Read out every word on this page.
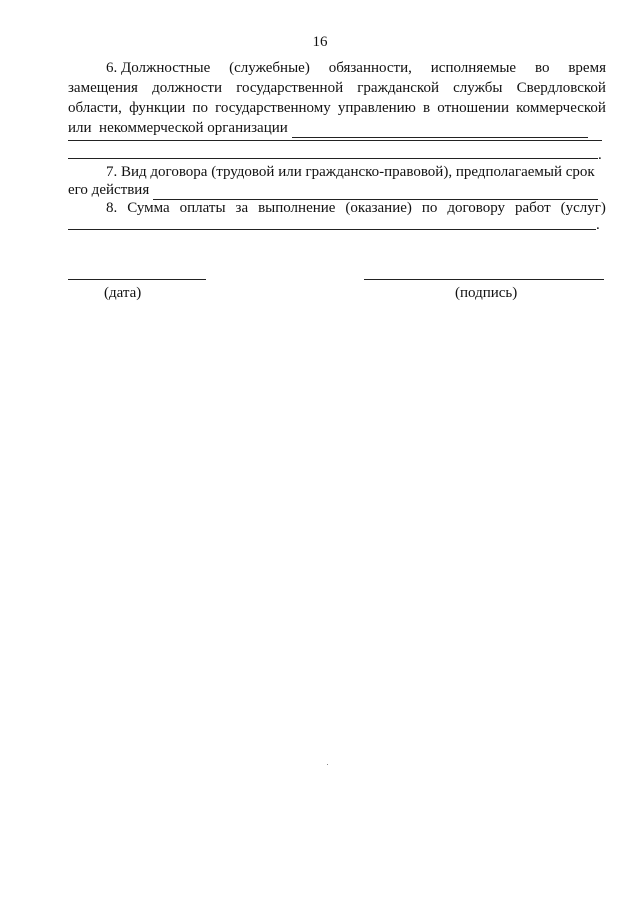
16
6. Должностные (служебные) обязанности, исполняемые во время
замещения должности государственной гражданской службы Свердловской
области, функции по государственному управлению в отношении коммерческой
или  некоммерческой организации
.
7. Вид договора (трудовой или гражданско-правовой), предполагаемый срок
его действия
8. Сумма оплаты за выполнение (оказание) по договору работ (услуг)
.
(дата)	(подпись)
